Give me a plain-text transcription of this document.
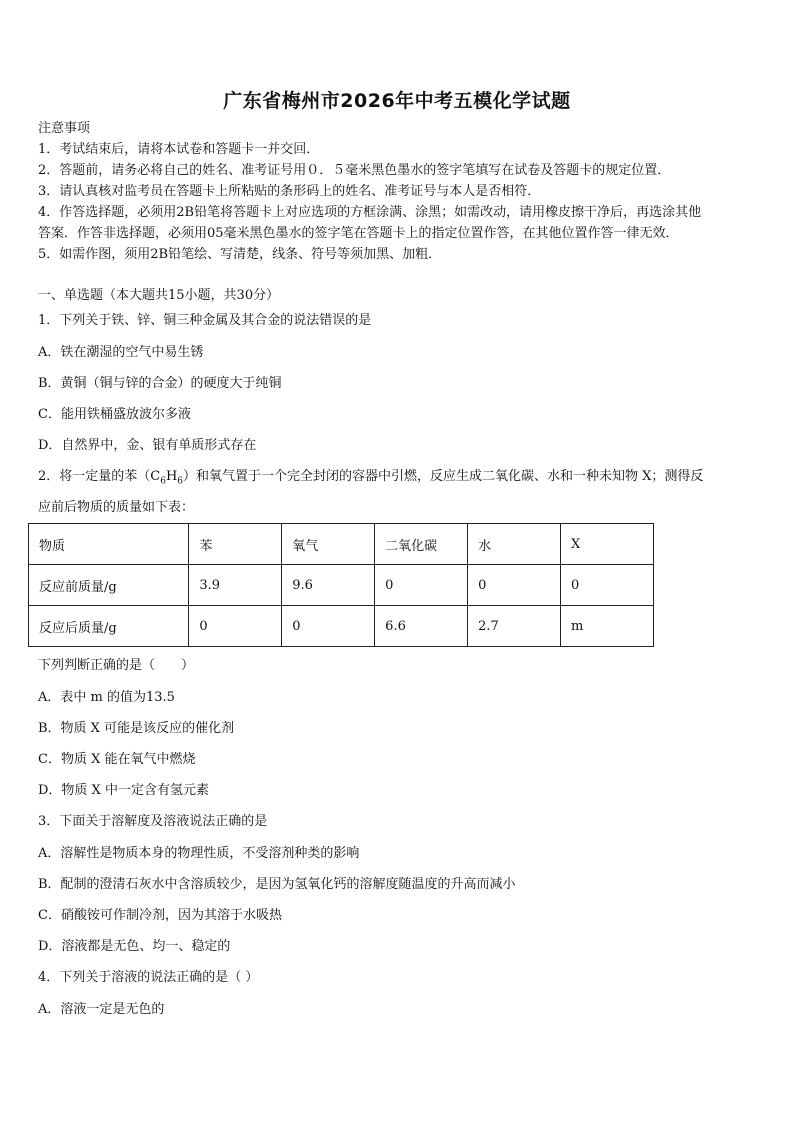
广东省梅州市2026年中考五模化学试题
注意事项
1．考试结束后，请将本试卷和答题卡一并交回．
2．答题前，请务必将自己的姓名、准考证号用０．５毫米黑色墨水的签字笔填写在试卷及答题卡的规定位置．
3．请认真核对监考员在答题卡上所粘贴的条形码上的姓名、准考证号与本人是否相符．
4．作答选择题，必须用2B铅笔将答题卡上对应选项的方框涂满、涂黑；如需改动，请用橡皮擦干净后，再选涂其他
答案．作答非选择题，必须用05毫米黑色墨水的签字笔在答题卡上的指定位置作答，在其他位置作答一律无效．
5．如需作图，须用2B铅笔绘、写清楚，线条、符号等须加黑、加粗．
一、单选题（本大题共15小题，共30分）
1．下列关于铁、锌、铜三种金属及其合金的说法错误的是
A．铁在潮湿的空气中易生锈
B．黄铜（铜与锌的合金）的硬度大于纯铜
C．能用铁桶盛放波尔多液
D．自然界中，金、银有单质形式存在
2．将一定量的苯$(C_6H_6)$和氧气置于一个完全封闭的容器中引燃，反应生成二氧化碳、水和一种未知物 X；测得反
应前后物质的质量如下表：
物质	苯	氧气	二氧化碳	水	X
反应前质量/g	3.9	9.6	0	0	0
反应后质量/g	0	0	6.6	2.7	m
下列判断正确的是（　　）
A．表中 m 的值为13.5
B．物质 X 可能是该反应的催化剂
C．物质 X 能在氧气中燃烧
D．物质 X 中一定含有氢元素
3．下面关于溶解度及溶液说法正确的是
A．溶解性是物质本身的物理性质，不受溶剂种类的影响
B．配制的澄清石灰水中含溶质较少，是因为氢氧化钙的溶解度随温度的升高而减小
C．硝酸铵可作制冷剂，因为其溶于水吸热
D．溶液都是无色、均一、稳定的
4．下列关于溶液的说法正确的是（ ）
A．溶液一定是无色的
